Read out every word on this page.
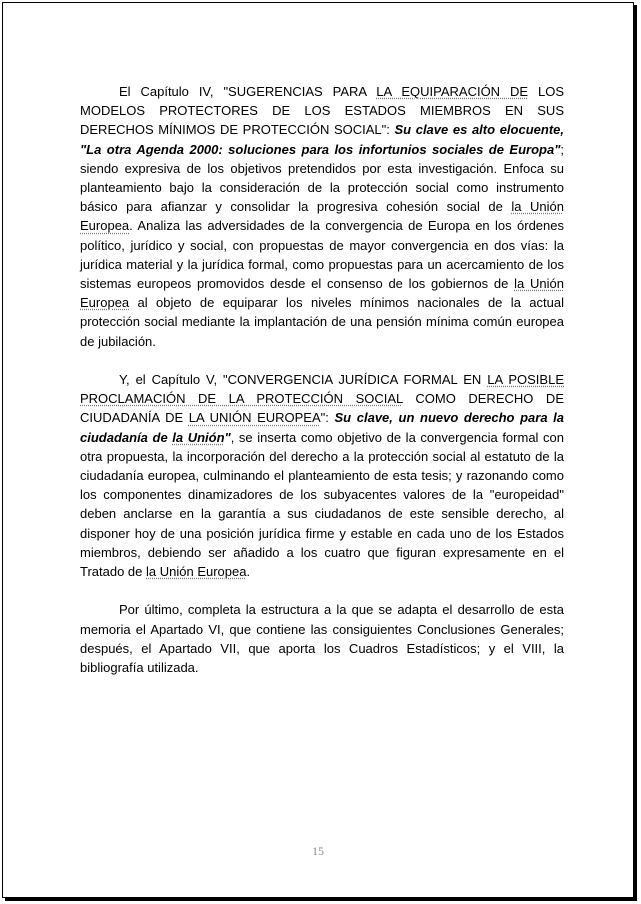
El Capítulo IV, "SUGERENCIAS PARA LA EQUIPARACIÓN DE LOS MODELOS PROTECTORES DE LOS ESTADOS MIEMBROS EN SUS DERECHOS MÍNIMOS DE PROTECCIÓN SOCIAL": Su clave es alto elocuente, "La otra Agenda 2000: soluciones para los infortunios sociales de Europa"; siendo expresiva de los objetivos pretendidos por esta investigación. Enfoca su planteamiento bajo la consideración de la protección social como instrumento básico para afianzar y consolidar la progresiva cohesión social de la Unión Europea. Analiza las adversidades de la convergencia de Europa en los órdenes político, jurídico y social, con propuestas de mayor convergencia en dos vías: la jurídica material y la jurídica formal, como propuestas para un acercamiento de los sistemas europeos promovidos desde el consenso de los gobiernos de la Unión Europea al objeto de equiparar los niveles mínimos nacionales de la actual protección social mediante la implantación de una pensión mínima común europea de jubilación.

Y, el Capítulo V, "CONVERGENCIA JURÍDICA FORMAL EN LA POSIBLE PROCLAMACIÓN DE LA PROTECCIÓN SOCIAL COMO DERECHO DE CIUDADANÍA DE LA UNIÓN EUROPEA": Su clave, un nuevo derecho para la ciudadanía de la Unión", se inserta como objetivo de la convergencia formal con otra propuesta, la incorporación del derecho a la protección social al estatuto de la ciudadanía europea, culminando el planteamiento de esta tesis; y razonando como los componentes dinamizadores de los subyacentes valores de la "europeidad" deben anclarse en la garantía a sus ciudadanos de este sensible derecho, al disponer hoy de una posición jurídica firme y estable en cada uno de los Estados miembros, debiendo ser añadido a los cuatro que figuran expresamente en el Tratado de la Unión Europea.

Por último, completa la estructura a la que se adapta el desarrollo de esta memoria el Apartado VI, que contiene las consiguientes Conclusiones Generales; después, el Apartado VII, que aporta los Cuadros Estadísticos; y el VIII, la bibliografía utilizada.

15
